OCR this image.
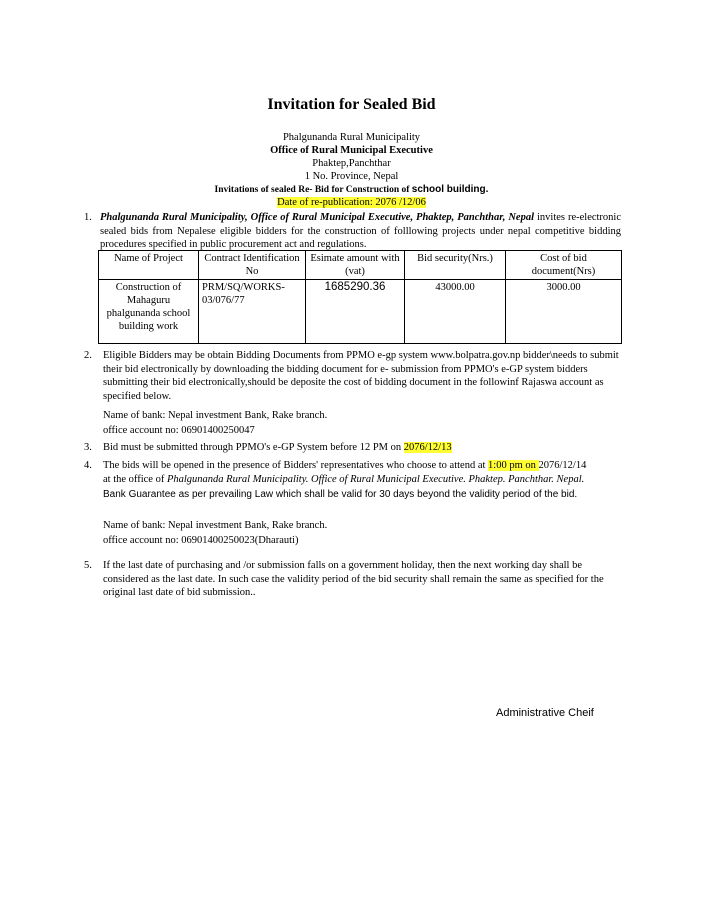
Invitation for Sealed Bid
Phalgunanda Rural Municipality
Office of Rural Municipal Executive
Phaktep,Panchthar
1 No. Province, Nepal
Invitations of sealed Re- Bid for Construction of school building.
Date of re-publication: 2076 /12/06
1. Phalgunanda Rural Municipality, Office of Rural Municipal Executive, Phaktep, Panchthar, Nepal invites re-electronic sealed bids from Nepalese eligible bidders for the construction of folllowing projects under nepal competitive bidding procedures specified in public procurement act and regulations.
Name of Project	Contract Identification No	Esimate amount with (vat)	Bid security(Nrs.)	Cost of bid document(Nrs)
Construction of Mahaguru phalgunanda school building work	PRM/SQ/WORKS-03/076/77	1685290.36	43000.00	3000.00
2. Eligible Bidders may be obtain Bidding Documents from PPMO e-gp system www.bolpatra.gov.np bidder\needs to submit their bid electronically by downloading the bidding document for e- submission from PPMO's e-GP system bidders submitting their bid electronically,should be deposite the cost of bidding document in the followinf Rajaswa account as specified below.
Name of bank: Nepal investment Bank, Rake branch.
office account no: 06901400250047
3. Bid must be submitted through PPMO's e-GP System before 12 PM on 2076/12/13
4. The bids will be opened in the presence of Bidders' representatives who choose to attend at 1:00 pm on 2076/12/14
at the office of Phalgunanda Rural Municipality. Office of Rural Municipal Executive. Phaktep. Panchthar. Nepal.
Bank Guarantee as per prevailing Law which shall be valid for 30 days beyond the validity period of the bid.
Name of bank: Nepal investment Bank, Rake branch.
office account no: 06901400250023(Dharauti)
5. If the last date of purchasing and /or submission falls on a government holiday, then the next working day shall be considered as the last date. In such case the validity period of the bid security shall remain the same as specified for the original last date of bid submission..
Administrative Cheif
